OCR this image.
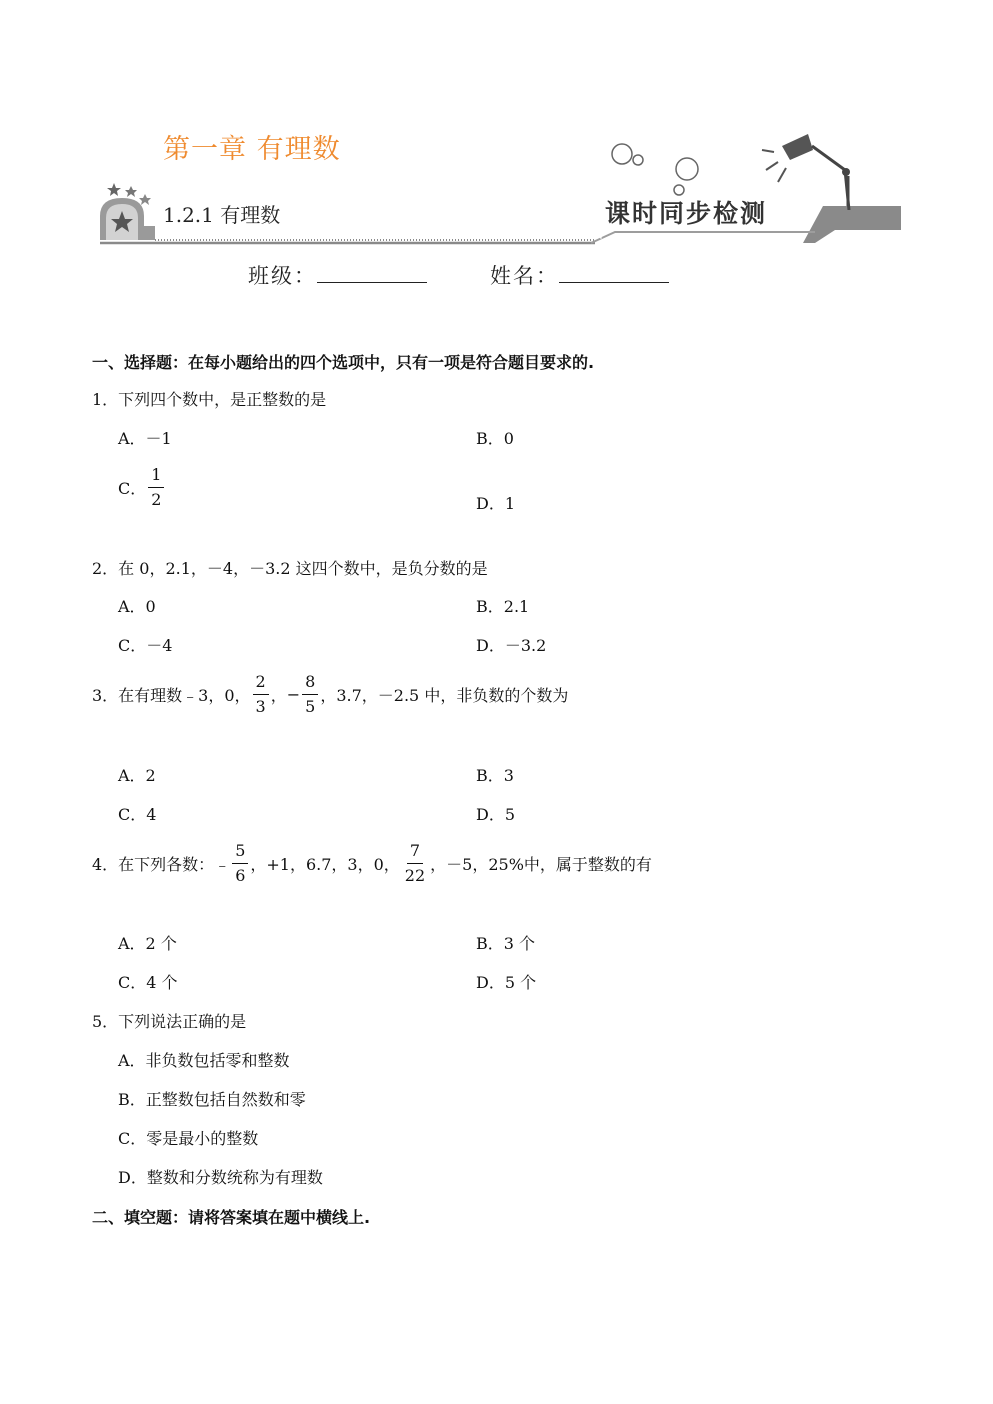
第一章 有理数
1.2.1 有理数	课时同步检测
班级：	姓名：
一、选择题：在每小题给出的四个选项中，只有一项是符合题目要求的.
1．下列四个数中，是正整数的是
A．－1	B．0
C． $\frac{1}{2}$	D．1
2．在 0，2.1，－4，－3.2 这四个数中，是负分数的是
A．0	B．2.1
C．－4	D．－3.2
3．在有理数﹣3，0， $\frac{2}{3}$ ，− $\frac{8}{5}$ ，3.7，－2.5 中，非负数的个数为
A．2	B．3
C．4	D．5
4．在下列各数：﹣ $\frac{5}{6}$ ，+1，6.7，3，0， $\frac{7}{22}$ ，－5，25%中，属于整数的有
A．2 个	B．3 个
C．4 个	D．5 个
5．下列说法正确的是
A．非负数包括零和整数
B．正整数包括自然数和零
C．零是最小的整数
D．整数和分数统称为有理数
二、填空题：请将答案填在题中横线上.
